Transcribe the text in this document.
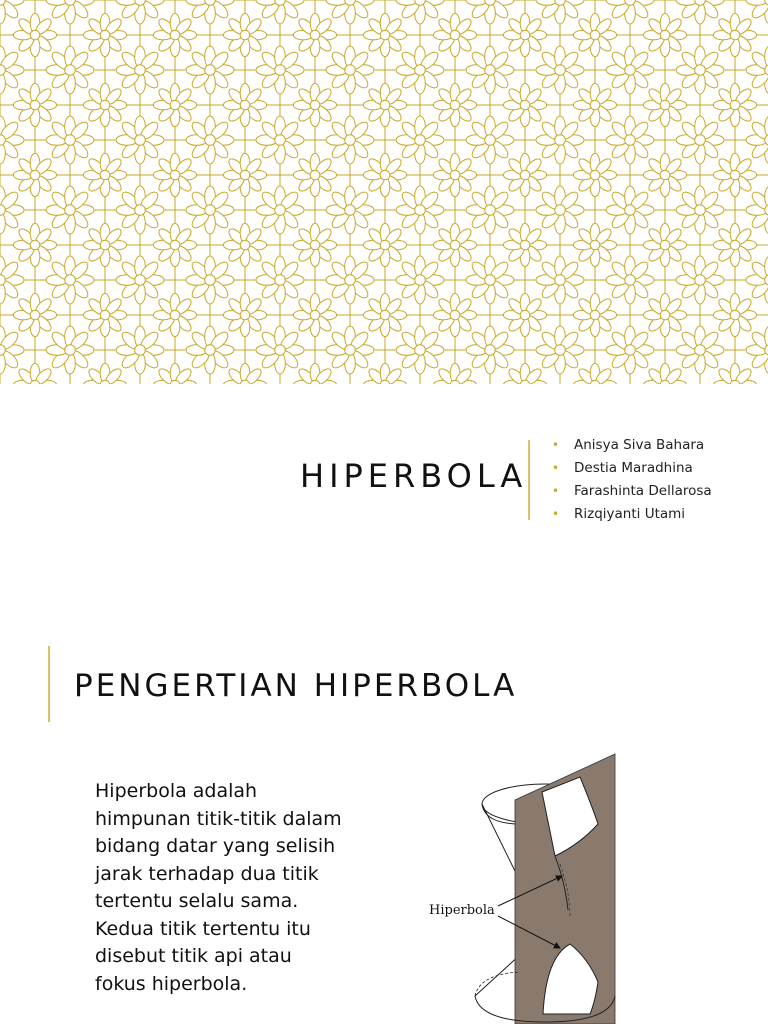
HIPERBOLA
• Anisya Siva Bahara
• Destia Maradhina
• Farashinta Dellarosa
• Rizqiyanti Utami
PENGERTIAN HIPERBOLA

Hiperbola adalah himpunan titik-titik dalam bidang datar yang selisih jarak terhadap dua titik tertentu selalu sama. Kedua titik tertentu itu disebut titik api atau fokus hiperbola.

Hiperbola
